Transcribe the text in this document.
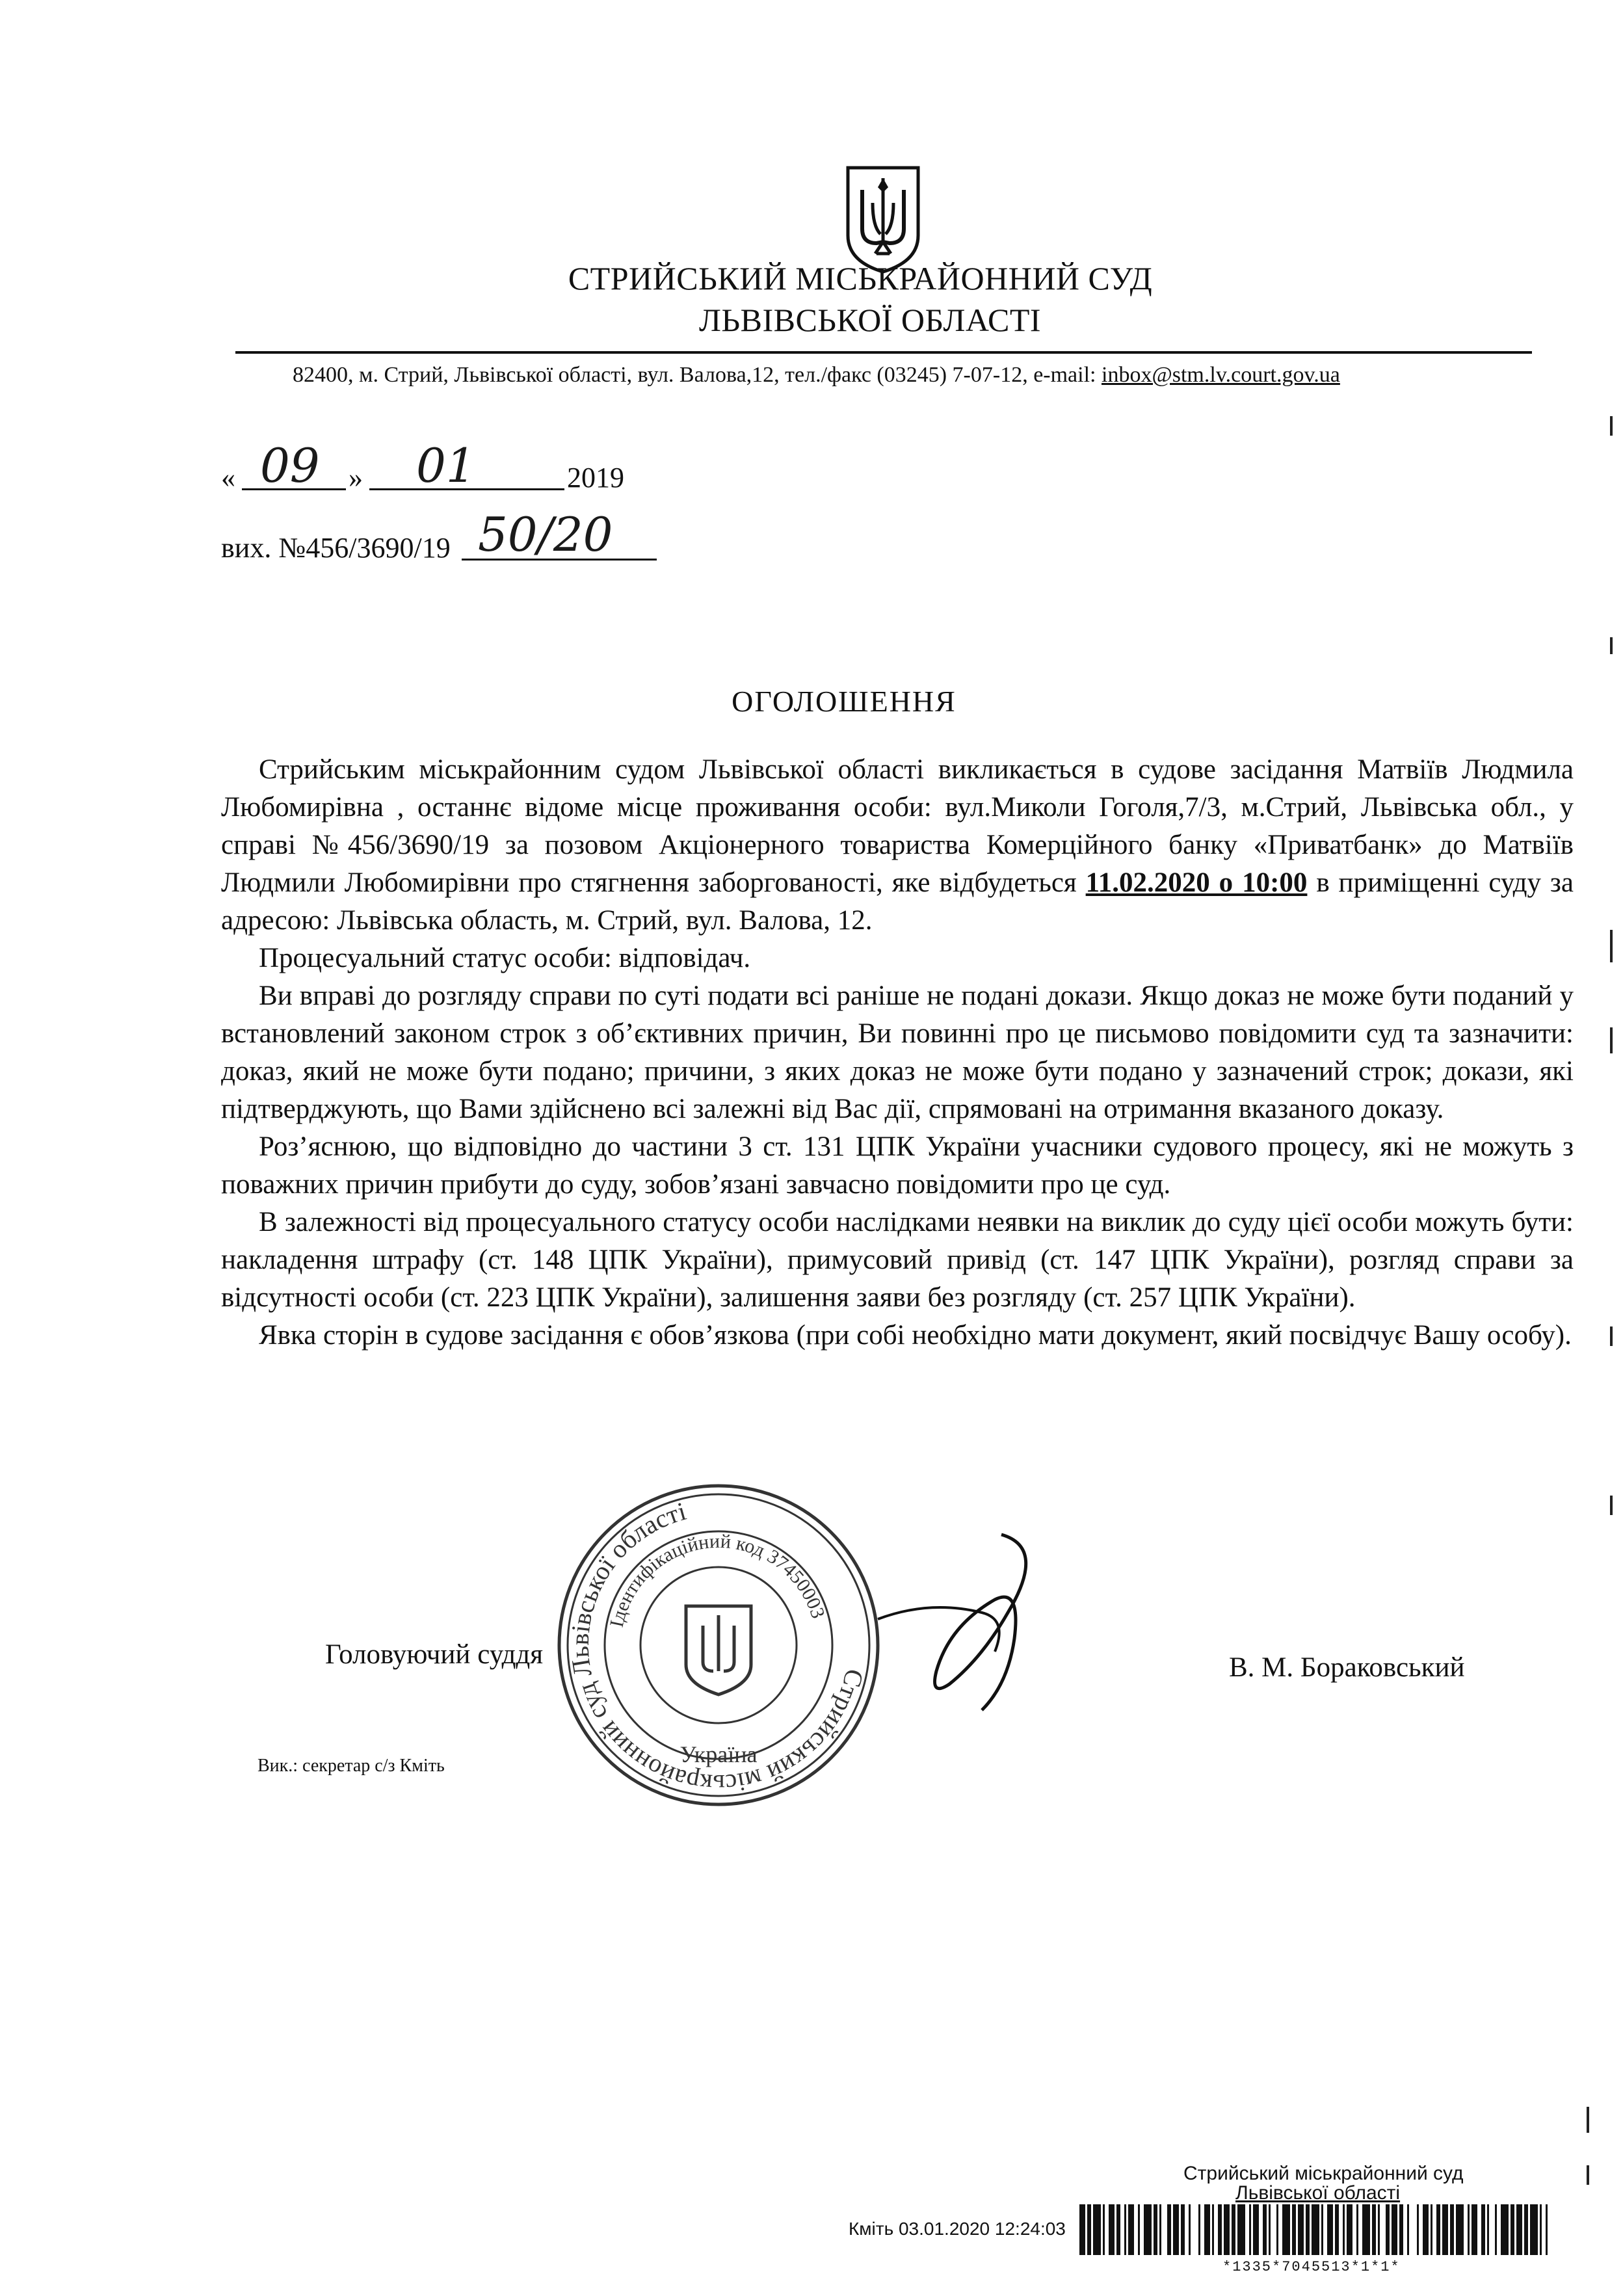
СТРИЙСЬКИЙ МІСЬКРАЙОННИЙ СУД
ЛЬВІВСЬКОЇ ОБЛАСТІ
82400, м. Стрий, Львівської області, вул. Валова,12, тел./факс (03245) 7-07-12, e-mail: inbox@stm.lv.court.gov.ua
« 09 » 01	2019
вих. №456/3690/19 50/20
ОГОЛОШЕННЯ

Стрийським міськрайонним судом Львівської області викликається в судове засідання Матвіїв Людмила Любомирівна , останнє відоме місце проживання особи: вул.Миколи Гоголя,7/3, м.Стрий, Львівська обл., у справі №456/3690/19 за позовом Акціонерного товариства Комерційного банку «Приватбанк» до Матвіїв Людмили Любомирівни про стягнення заборгованості, яке відбудеться 11.02.2020 о 10:00 в приміщенні суду за адресою: Львівська область, м. Стрий, вул. Валова, 12.

Процесуальний статус особи: відповідач.

Ви вправі до розгляду справи по суті подати всі раніше не подані докази. Якщо доказ не може бути поданий у встановлений законом строк з об’єктивних причин, Ви повинні про це письмово повідомити суд та зазначити: доказ, який не може бути подано; причини, з яких доказ не може бути подано у зазначений строк; докази, які підтверджують, що Вами здійснено всі залежні від Вас дії, спрямовані на отримання вказаного доказу.

Роз’яснюю, що відповідно до частини 3 ст. 131 ЦПК України учасники судового процесу, які не можуть з поважних причин прибути до суду, зобов’язані завчасно повідомити про це суд.

В залежності від процесуального статусу особи наслідками неявки на виклик до суду цієї особи можуть бути: накладення штрафу (ст. 148 ЦПК України), примусовий привід (ст. 147 ЦПК України), розгляд справи за відсутності особи (ст. 223 ЦПК України), залишення заяви без розгляду (ст. 257 ЦПК України).

Явка сторін в судове засідання є обов’язкова (при собі необхідно мати документ, який посвідчує Вашу особу).

Стрийський міськрайонний суд Львівської області
Ідентифікаційний код 37450003
Україна
Головуючий суддя	В. М. Бораковський
Вик.: секретар с/з Кміть
Стрийський міськрайонний суд
Львівської області
Кміть 03.01.2020 12:24:03
*1335*7045513*1*1*
